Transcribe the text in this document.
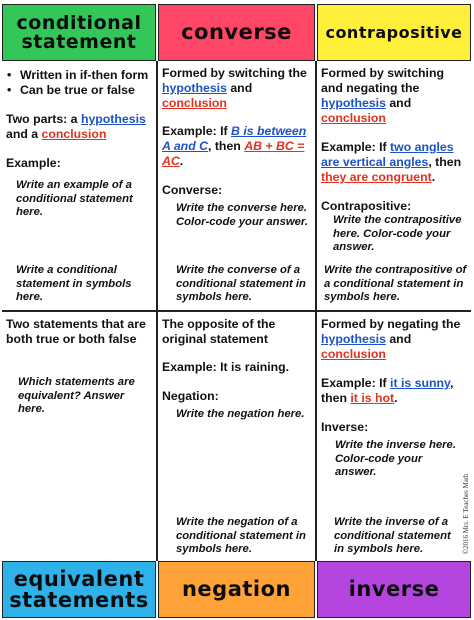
conditional statement	converse	contrapositive
• Written in if-then form
• Can be true or false
Two parts: a hypothesis and a conclusion
Example:
Write an example of a conditional statement here.
Write a conditional statement in symbols here.
Formed by switching the hypothesis and conclusion
Example: If B is between A and C, then AB + BC = AC.
Converse:
Write the converse here. Color-code your answer.
Write the converse of a conditional statement in symbols here.
Formed by switching and negating the hypothesis and conclusion
Example: If two angles are vertical angles, then they are congruent.
Contrapositive:
Write the contrapositive here. Color-code your answer.
Write the contrapositive of a conditional statement in symbols here.
Two statements that are both true or both false
Which statements are equivalent? Answer here.
The opposite of the original statement
Example: It is raining.
Negation:
Write the negation here.
Write the negation of a conditional statement in symbols here.
Formed by negating the hypothesis and conclusion
Example: If it is sunny, then it is hot.
Inverse:
Write the inverse here. Color-code your answer.
Write the inverse of a conditional statement in symbols here.	©2016 Mrs. E Teaches Math
equivalent statements	negation	inverse
